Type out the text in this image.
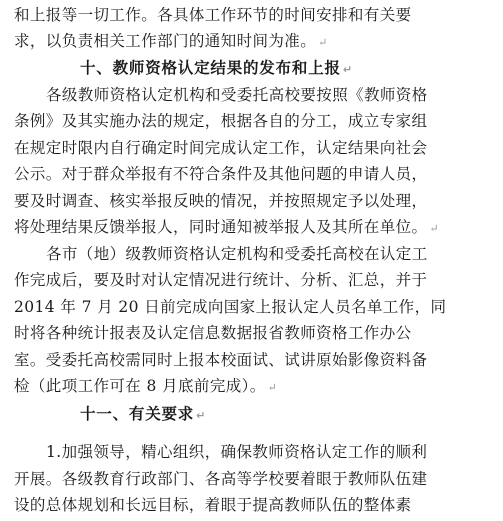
和上报等一切工作。各具体工作环节的时间安排和有关要
求，以负责相关工作部门的通知时间为准。 ↵
十、教师资格认定结果的发布和上报 ↵
各级教师资格认定机构和受委托高校要按照《教师资格
条例》及其实施办法的规定，根据各自的分工，成立专家组
在规定时限内自行确定时间完成认定工作，认定结果向社会
公示。对于群众举报有不符合条件及其他问题的申请人员，
要及时调查、核实举报反映的情况，并按照规定予以处理，
将处理结果反馈举报人，同时通知被举报人及其所在单位。 ↵
各市（地）级教师资格认定机构和受委托高校在认定工
作完成后，要及时对认定情况进行统计、分析、汇总，并于
2014 年 7 月 20 日前完成向国家上报认定人员名单工作，同
时将各种统计报表及认定信息数据报省教师资格工作办公
室。受委托高校需同时上报本校面试、试讲原始影像资料备
检（此项工作可在 8 月底前完成）。 ↵
十一、有关要求 ↵
1.加强领导，精心组织，确保教师资格认定工作的顺利
开展。各级教育行政部门、各高等学校要着眼于教师队伍建
设的总体规划和长远目标，着眼于提高教师队伍的整体素
